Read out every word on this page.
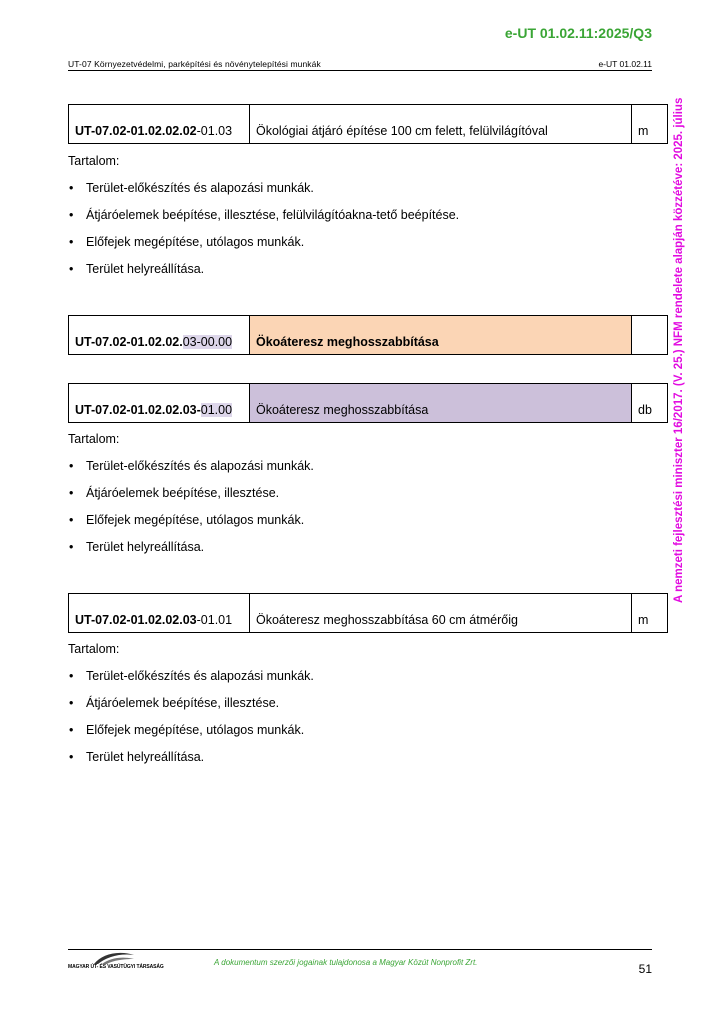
e-UT 01.02.11:2025/Q3
UT-07 Környezetvédelmi, parképítési és növénytelepítési munkák	e-UT 01.02.11
A nemzeti fejlesztési miniszter 16/2017. (V. 25.) NFM rendelete alapján közzétéve: 2025. július
UT-07.02-01.02.02.02-01.03	Ökológiai átjáró építése 100 cm felett, felülvilágítóval	m
Tartalom:
• Terület-előkészítés és alapozási munkák.
• Átjáróelemek beépítése, illesztése, felülvilágítóakna-tető beépítése.
• Előfejek megépítése, utólagos munkák.
• Terület helyreállítása.
UT-07.02-01.02.02.03-00.00	Ökoáteresz meghosszabbítása	
UT-07.02-01.02.02.03-01.00	Ökoáteresz meghosszabbítása	db
Tartalom:
• Terület-előkészítés és alapozási munkák.
• Átjáróelemek beépítése, illesztése.
• Előfejek megépítése, utólagos munkák.
• Terület helyreállítása.
UT-07.02-01.02.02.03-01.01	Ökoáteresz meghosszabbítása 60 cm átmérőig	m
Tartalom:
• Terület-előkészítés és alapozási munkák.
• Átjáróelemek beépítése, illesztése.
• Előfejek megépítése, utólagos munkák.
• Terület helyreállítása.
MAGYAR ÚT- ÉS VASÚTÜGYI TÁRSASÁG	A dokumentum szerzői jogainak tulajdonosa a Magyar Közút Nonprofit Zrt.	51
